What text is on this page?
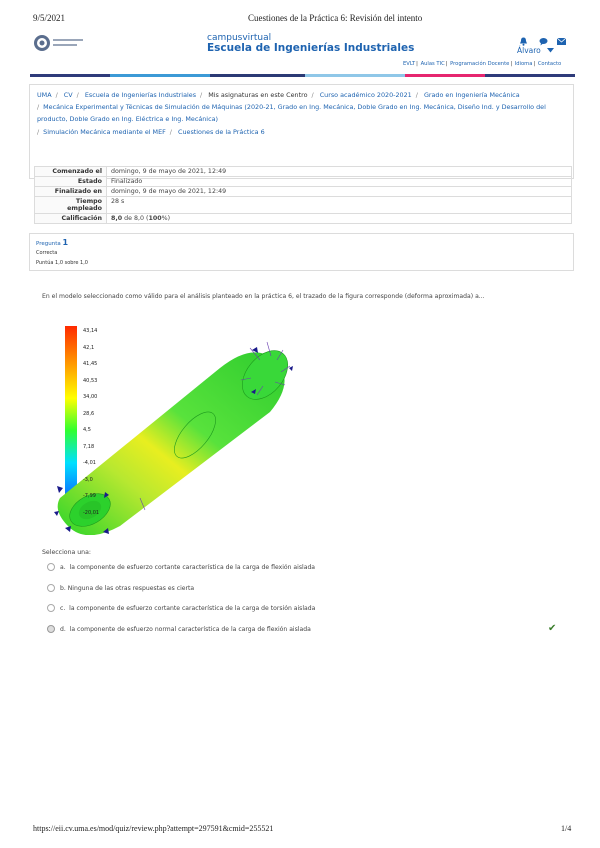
9/5/2021	Cuestiones de la Práctica 6: Revisión del intento
campusvirtual
Escuela de Ingenierías Industriales	Álvaro
EVLT| Aulas TIC| Programación Docente| Idioma| Contacto
UMA / CV / Escuela de Ingenierías Industriales / Mis asignaturas en este Centro / Curso académico 2020-2021 / Grado en Ingeniería Mecánica
/ Mecánica Experimental y Técnicas de Simulación de Máquinas (2020-21, Grado en Ing. Mecánica, Doble Grado en Ing. Mecánica, Diseño Ind. y Desarrollo del producto, Doble Grado en Ing. Eléctrica e Ing. Mecánica)
/ Simulación Mecánica mediante el MEF / Cuestiones de la Práctica 6
Comenzado el	domingo, 9 de mayo de 2021, 12:49
Estado	Finalizado
Finalizado en	domingo, 9 de mayo de 2021, 12:49
Tiempo empleado	28 s
Calificación	8,0 de 8,0 (100%)
Pregunta 1
Correcta
Puntúa 1,0 sobre 1,0
En el modelo seleccionado como válido para el análisis planteado en la práctica 6, el trazado de la figura corresponde (deforma aproximada) a...
43,14
42,1
41,45
40,53
34,00
28,6
4,5
7,18
-4,01
-3,0
-7,99
-20,01
Selecciona una:
a.
la componente de esfuerzo cortante característica de la carga de flexión aislada
b.
Ninguna de las otras respuestas es cierta
c.
la componente de esfuerzo cortante característica de la carga de torsión aislada
d.
la componente de esfuerzo normal característica de la carga de flexión aislada	✔
https://eii.cv.uma.es/mod/quiz/review.php?attempt=297591&cmid=255521	1/4
